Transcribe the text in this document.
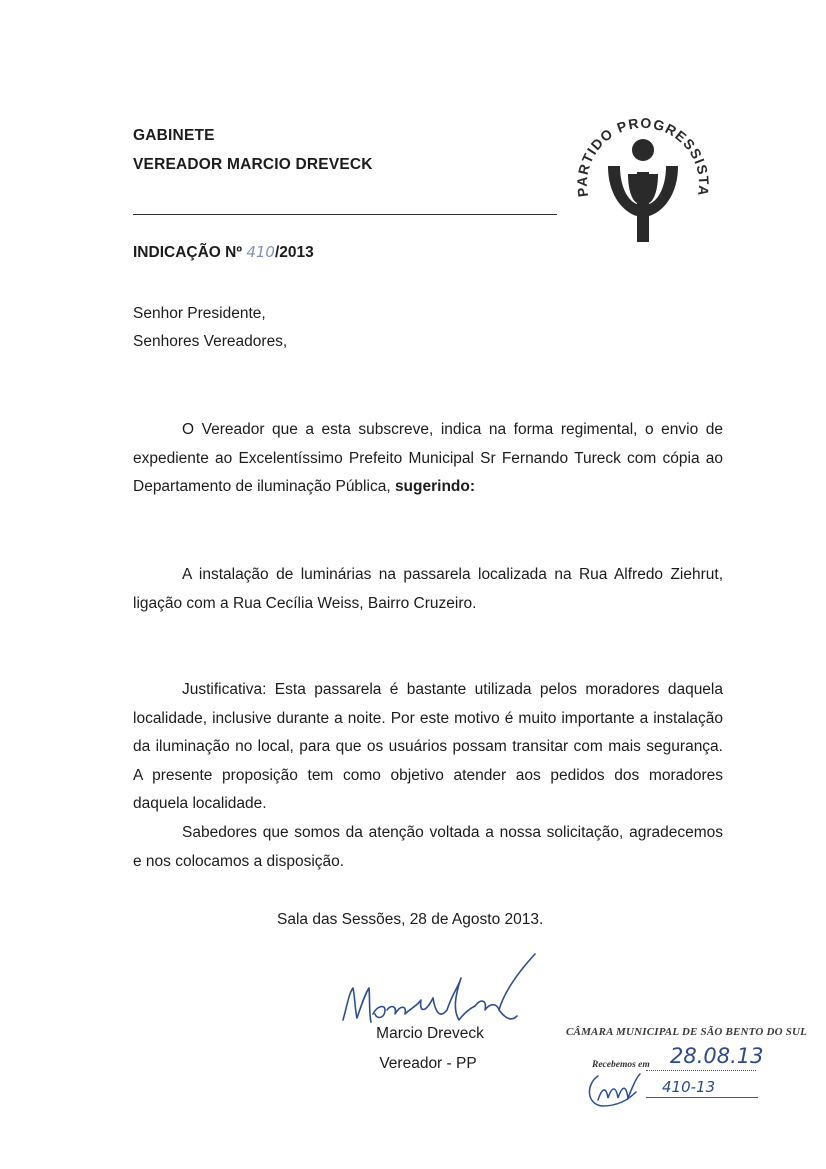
GABINETE
VEREADOR MARCIO DREVECK
PARTIDO PROGRESSISTA
INDICAÇÃO Nº 410/2013
Senhor Presidente,
Senhores Vereadores,

O Vereador que a esta subscreve, indica na forma regimental, o envio de expediente ao Excelentíssimo Prefeito Municipal Sr Fernando Tureck com cópia ao Departamento de iluminação Pública, sugerindo:

A instalação de luminárias na passarela localizada na Rua Alfredo Ziehrut, ligação com a Rua Cecília Weiss, Bairro Cruzeiro.

Justificativa: Esta passarela é bastante utilizada pelos moradores daquela localidade, inclusive durante a noite. Por este motivo é muito importante a instalação da iluminação no local, para que os usuários possam transitar com mais segurança. A presente proposição tem como objetivo atender aos pedidos dos moradores daquela localidade.

Sabedores que somos da atenção voltada a nossa solicitação, agradecemos e nos colocamos a disposição.

Sala das Sessões, 28 de Agosto 2013.
Marcio Dreveck
Vereador - PP
CÂMARA MUNICIPAL DE SÃO BENTO DO SUL
Recebemos em 28.08.13
410-13
